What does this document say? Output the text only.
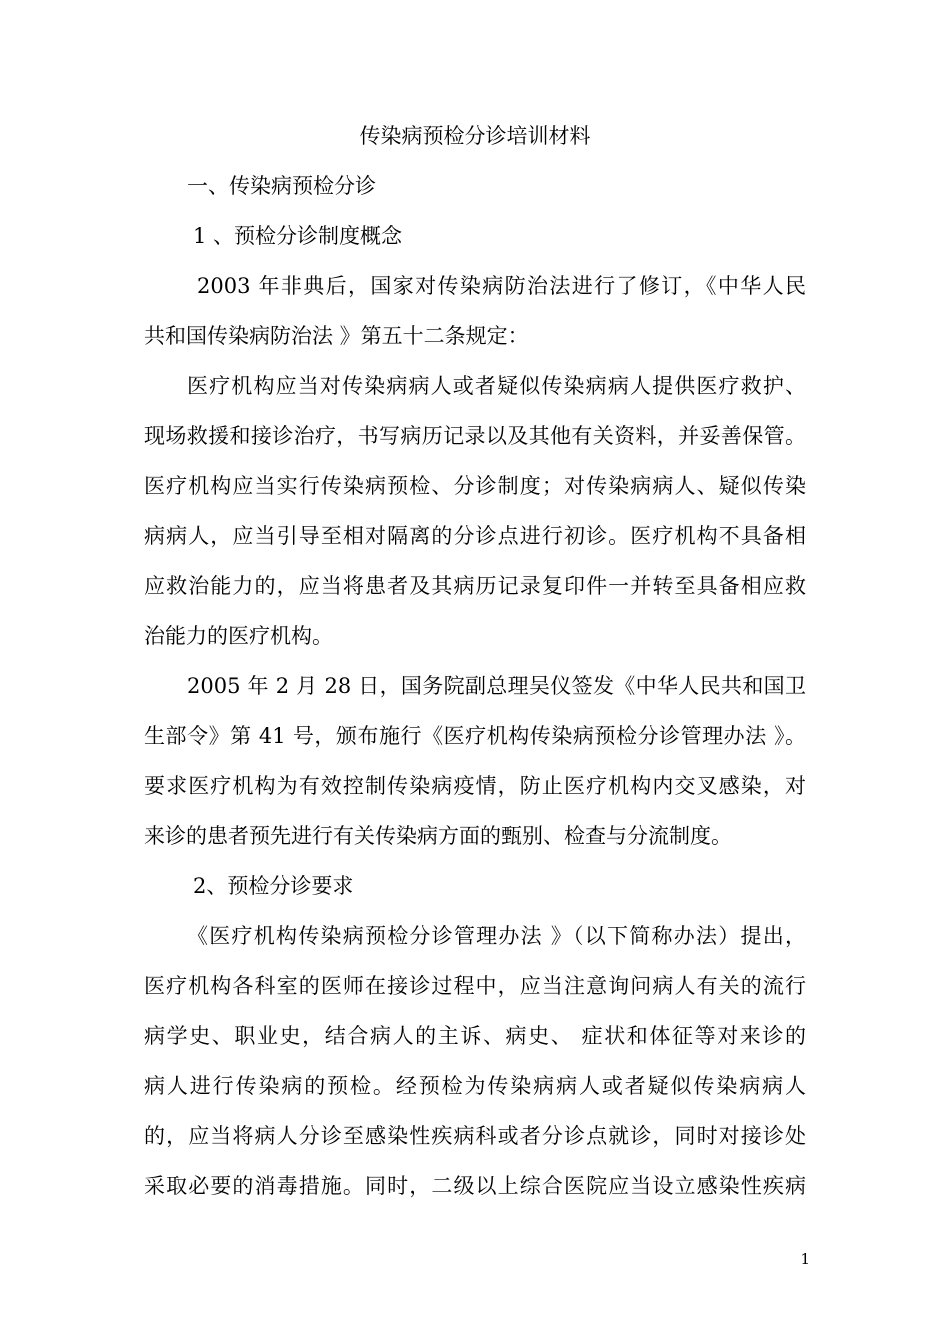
传染病预检分诊培训材料
一、传染病预检分诊
1 、预检分诊制度概念
2003 年非典后，国家对传染病防治法进行了修订，《中华人民
共和国传染病防治法 》第五十二条规定：
医疗机构应当对传染病病人或者疑似传染病病人提供医疗救护、
现场救援和接诊治疗，书写病历记录以及其他有关资料，并妥善保管。
医疗机构应当实行传染病预检、分诊制度；对传染病病人、疑似传染
病病人，应当引导至相对隔离的分诊点进行初诊。医疗机构不具备相
应救治能力的，应当将患者及其病历记录复印件一并转至具备相应救
治能力的医疗机构。
2005 年 2 月 28 日，国务院副总理吴仪签发《中华人民共和国卫
生部令》第 41 号，颁布施行《医疗机构传染病预检分诊管理办法 》。
要求医疗机构为有效控制传染病疫情，防止医疗机构内交叉感染，对
来诊的患者预先进行有关传染病方面的甄别、检查与分流制度。
2、预检分诊要求
《医疗机构传染病预检分诊管理办法 》（以下简称办法）提出，
医疗机构各科室的医师在接诊过程中，应当注意询问病人有关的流行
病学史、职业史，结合病人的主诉、病史、 症状和体征等对来诊的
病人进行传染病的预检。经预检为传染病病人或者疑似传染病病人
的，应当将病人分诊至感染性疾病科或者分诊点就诊，同时对接诊处
采取必要的消毒措施。同时，二级以上综合医院应当设立感染性疾病
1
